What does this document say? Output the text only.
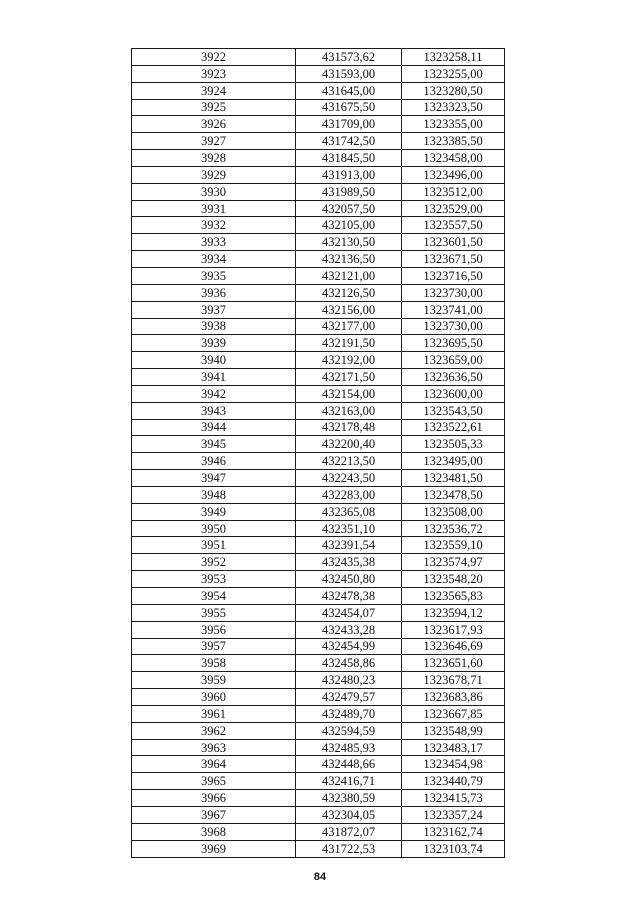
3922	431573,62	1323258,11
3923	431593,00	1323255,00
3924	431645,00	1323280,50
3925	431675,50	1323323,50
3926	431709,00	1323355,00
3927	431742,50	1323385,50
3928	431845,50	1323458,00
3929	431913,00	1323496,00
3930	431989,50	1323512,00
3931	432057,50	1323529,00
3932	432105,00	1323557,50
3933	432130,50	1323601,50
3934	432136,50	1323671,50
3935	432121,00	1323716,50
3936	432126,50	1323730,00
3937	432156,00	1323741,00
3938	432177,00	1323730,00
3939	432191,50	1323695,50
3940	432192,00	1323659,00
3941	432171,50	1323636,50
3942	432154,00	1323600,00
3943	432163,00	1323543,50
3944	432178,48	1323522,61
3945	432200,40	1323505,33
3946	432213,50	1323495,00
3947	432243,50	1323481,50
3948	432283,00	1323478,50
3949	432365,08	1323508,00
3950	432351,10	1323536,72
3951	432391,54	1323559,10
3952	432435,38	1323574,97
3953	432450,80	1323548,20
3954	432478,38	1323565,83
3955	432454,07	1323594,12
3956	432433,28	1323617,93
3957	432454,99	1323646,69
3958	432458,86	1323651,60
3959	432480,23	1323678,71
3960	432479,57	1323683,86
3961	432489,70	1323667,85
3962	432594,59	1323548,99
3963	432485,93	1323483,17
3964	432448,66	1323454,98
3965	432416,71	1323440,79
3966	432380,59	1323415,73
3967	432304,05	1323357,24
3968	431872,07	1323162,74
3969	431722,53	1323103,74
84
